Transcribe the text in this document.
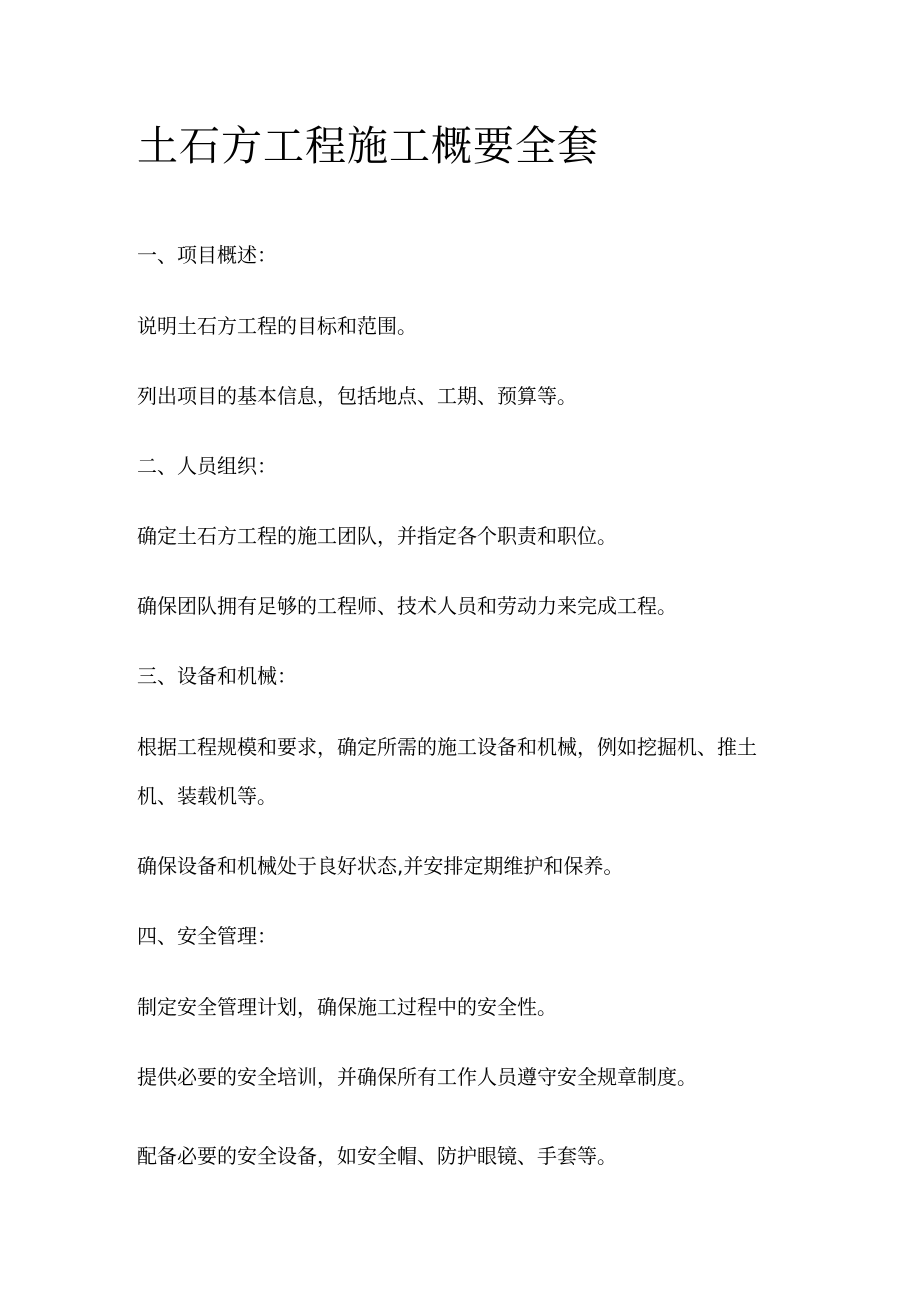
土石方工程施工概要全套

一、项目概述：

说明土石方工程的目标和范围。

列出项目的基本信息，包括地点、工期、预算等。

二、人员组织：

确定土石方工程的施工团队，并指定各个职责和职位。

确保团队拥有足够的工程师、技术人员和劳动力来完成工程。

三、设备和机械：

根据工程规模和要求，确定所需的施工设备和机械，例如挖掘机、推土

机、装载机等。

确保设备和机械处于良好状态,并安排定期维护和保养。

四、安全管理：

制定安全管理计划，确保施工过程中的安全性。

提供必要的安全培训，并确保所有工作人员遵守安全规章制度。

配备必要的安全设备，如安全帽、防护眼镜、手套等。
